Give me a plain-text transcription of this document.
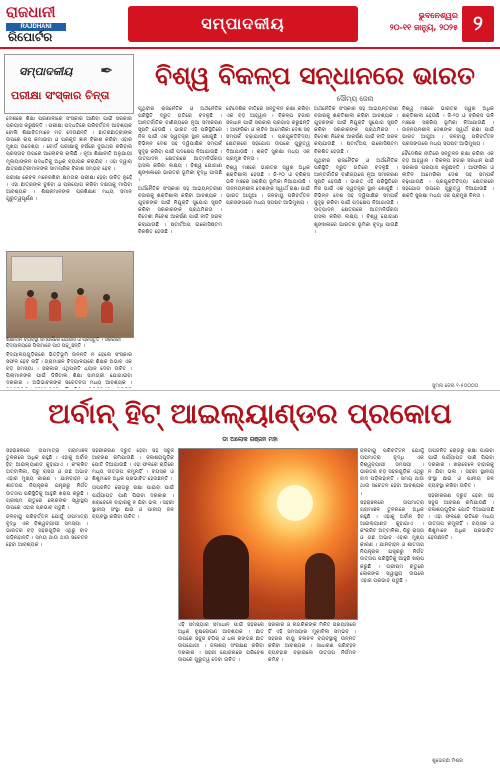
ରାଜଧାନୀ
RAJDHANI
ରିପୋର୍ଟର
ସମ୍ପାଦକୀୟ	ଭୁବନେଶ୍ୱର
୨୦-୧୧ ଜାନ୍ୟୁ, ୨୦୨୫ ୨
ସମ୍ପାଦକୀୟ ✒
ପରୀକ୍ଷା ସଂସ୍କାର ଚିନ୍ତା
ବିଶ୍ୱ ବିକଳ୍ପ ସନ୍ଧାନରେ ଭାରତ
ସୌମ୍ୟ ଜେନା

ଦେଶରେ ଶିକ୍ଷା ପ୍ରଣାଳୀରେ ସଂସ୍କାର ଆଣିବା ପାଇଁ ସରକାର ପ୍ରୟାସ କରୁଛନ୍ତି । ପରୀକ୍ଷା ପଦ୍ଧତିରେ ପରିବର୍ତ୍ତନ ଆବଶ୍ୟକ ବୋଲି ଶିକ୍ଷାବିତମାନେ ମତ ଦେଉଛନ୍ତି । ଛାତ୍ରଛାତ୍ରୀଙ୍କ ଉପରେ ଚାପ କମାଇବା ଓ ପ୍ରକୃତ ଜ୍ଞାନ ବିକାଶ କରିବା ଏହାର ମୁଖ୍ୟ ଉଦ୍ଦେଶ୍ୟ । ବୋର୍ଡ ପରୀକ୍ଷାକୁ ବର୍ଷରେ ଦୁଇଥର କରିବାର ପ୍ରସ୍ତାବ ଉପରେ ଆଲୋଚନା ଚାଲିଛି । ନୂଆ ଶିକ୍ଷାନୀତି ଅନୁଯାୟୀ ମୂଲ୍ୟାଙ୍କନ ପଦ୍ଧତିକୁ ଅଧିକ ବ୍ୟାପକ କରାଯିବ । ଏହା ଦ୍ୱାରା ଛାତ୍ରଛାତ୍ରୀମାନଙ୍କ ସାମଗ୍ରିକ ବିକାଶ ସମ୍ଭବ ହେବ ।

ପରୀକ୍ଷା କେବଳ ମନେରଖିବା କ୍ଷମତାର ପରୀକ୍ଷା ହେବା ଉଚିତ ନୁହେଁ । ଏହା ଛାତ୍ରଙ୍କ ବୁଝିବା ଓ ପ୍ରୟୋଗ କରିବା ଦକ୍ଷତାକୁ ମାପିବା ଆବଶ୍ୟକ । ଶିକ୍ଷକମାନଙ୍କ ପ୍ରଶିକ୍ଷଣ ମଧ୍ୟ ସମାନ ଗୁରୁତ୍ୱପୂର୍ଣ୍ଣ ।

ଶିକ୍ଷାଦାନ ବ୍ୟବସ୍ଥା ସମ୍ପର୍କରେ ଯୋଜନା ଓ ପ୍ରସ୍ତୁତି । ସରକାରୀ ବିଦ୍ୟାଳୟରେ ପିଲାମାନେ ପାଠ ପଢ଼ୁଛନ୍ତି ।

ବିଦ୍ୟାଳୟଗୁଡ଼ିକରେ ଭିତ୍ତିଭୂମି ଉନ୍ନତି ନ ହେଲେ ସଂସ୍କାର ସଫଳ ହେବ ନାହିଁ । ଗ୍ରାମାଞ୍ଚଳ ବିଦ୍ୟାଳୟରେ ଶିକ୍ଷକ ଅଭାବ ଏକ ବଡ଼ ସମସ୍ୟା । ସରକାର ଏଥିପ୍ରତି ଧ୍ୟାନ ଦେବା ଉଚିତ । ପିଲାମାନଙ୍କ ପାଇଁ ଡିଜିଟାଲ ଶିକ୍ଷା ସାମଗ୍ରୀ ଯୋଗାଇବା ଦରକାର । ଅଭିଭାବକଙ୍କ ସଚେତନତା ମଧ୍ୟ ଆବଶ୍ୟକ ।

ପୃଥିବୀର ରାଜନୈତିକ ଓ ଅର୍ଥନୈତିକ ପରିସ୍ଥିତି ଦ୍ରୁତ ଗତିରେ ବଦଳୁଛି । ଆନ୍ତର୍ଜାତିକ ବାଣିଜ୍ୟରେ ନୂଆ ସମୀକରଣ ସୃଷ୍ଟି ହେଉଛି । ଭାରତ ଏହି ପରିସ୍ଥିତିରେ ନିଜ ପାଇଁ ଏକ ସ୍ୱତନ୍ତ୍ର ସ୍ଥାନ ଖୋଜୁଛି । ବିଭିନ୍ନ ଦେଶ ସହ ଦ୍ୱିପାକ୍ଷିକ ସମ୍ପର୍କ ସୁଦୃଢ଼ କରିବା ପାଇଁ ପଦକ୍ଷେପ ନିଆଯାଉଛି । ଉତ୍ପାଦନ କ୍ଷେତ୍ରରେ ଆତ୍ମନିର୍ଭରତା ହାସଲ କରିବା ଲକ୍ଷ୍ୟ । ବିଶ୍ୱ ଯୋଗାଣ ଶୃଙ୍ଖଳାରେ ଭାରତର ଭୂମିକା ବୃଦ୍ଧି ପାଉଛି ।

ଅର୍ଥନୈତିକ ସଂସ୍କାର ସହ ଆଭ୍ୟନ୍ତରୀଣ ବଜାରକୁ ଶକ୍ତିଶାଳୀ କରିବା ଆବଶ୍ୟକ । ଯୁବକଙ୍କ ପାଇଁ ନିଯୁକ୍ତି ସୁଯୋଗ ସୃଷ୍ଟି କରିବା ସରକାରଙ୍କ ପ୍ରାଥମିକତା । ବିଦେଶୀ ନିବେଶ ଆକର୍ଷଣ ପାଇଁ ନୀତି ସରଳ କରାଯାଉଛି । ଷ୍ଟାର୍ଟଅପ୍ ଇକୋସିଷ୍ଟମ ବିକଶିତ ହେଉଛି ।

ବୈଦେଶିକ ନୀତିରେ ସନ୍ତୁଳନ ରକ୍ଷା କରିବା ଏକ ବଡ଼ ଆହ୍ୱାନ । ବିକଳ୍ପ ବଜାର ସନ୍ଧାନ ପାଇଁ ସରକାର ପ୍ରୟାସ କରୁଛନ୍ତି । ଆଫ୍ରିକା ଓ ଲାଟିନ ଆମେରିକା ଦେଶ ସହ ସମ୍ପର୍କ ବଢ଼ାଯାଉଛି । ପ୍ରଯୁକ୍ତିବିଦ୍ୟା କ୍ଷେତ୍ରରେ ସହଯୋଗ ଉପରେ ଗୁରୁତ୍ୱ ଦିଆଯାଉଛି । ଶକ୍ତି ସୁରକ୍ଷା ମଧ୍ୟ ଏକ ପ୍ରମୁଖ ଚିନ୍ତା ।

ବିଶ୍ୱ ମଞ୍ଚରେ ଭାରତର ସ୍ୱର ଅଧିକ ଶକ୍ତିଶାଳୀ ହେଉଛି । ଜି-୨୦ ଓ ବ୍ରିକ୍ସ ଭଳି ମଞ୍ଚରେ ସକ୍ରିୟ ଭୂମିକା ନିଆଯାଉଛି । ଉନ୍ନୟନଶୀଳ ଦେଶଙ୍କ ସ୍ୱାର୍ଥ ରକ୍ଷା ପାଇଁ ଭାରତ ଆଗୁଆ । ଜଳବାୟୁ ପରିବର୍ତ୍ତନ ପ୍ରସଙ୍ଗରେ ମଧ୍ୟ ସ୍ପଷ୍ଟ ଆଭିମୁଖ୍ୟ ।

ଅର୍ଥନୈତିକ ସଂସ୍କାର ସହ ଆଭ୍ୟନ୍ତରୀଣ ବଜାରକୁ ଶକ୍ତିଶାଳୀ କରିବା ଆବଶ୍ୟକ । ଯୁବକଙ୍କ ପାଇଁ ନିଯୁକ୍ତି ସୁଯୋଗ ସୃଷ୍ଟି କରିବା ସରକାରଙ୍କ ପ୍ରାଥମିକତା । ବିଦେଶୀ ନିବେଶ ଆକର୍ଷଣ ପାଇଁ ନୀତି ସରଳ କରାଯାଉଛି । ଷ୍ଟାର୍ଟଅପ୍ ଇକୋସିଷ୍ଟମ ବିକଶିତ ହେଉଛି ।

ପୃଥିବୀର ରାଜନୈତିକ ଓ ଅର୍ଥନୈତିକ ପରିସ୍ଥିତି ଦ୍ରୁତ ଗତିରେ ବଦଳୁଛି । ଆନ୍ତର୍ଜାତିକ ବାଣିଜ୍ୟରେ ନୂଆ ସମୀକରଣ ସୃଷ୍ଟି ହେଉଛି । ଭାରତ ଏହି ପରିସ୍ଥିତିରେ ନିଜ ପାଇଁ ଏକ ସ୍ୱତନ୍ତ୍ର ସ୍ଥାନ ଖୋଜୁଛି । ବିଭିନ୍ନ ଦେଶ ସହ ଦ୍ୱିପାକ୍ଷିକ ସମ୍ପର୍କ ସୁଦୃଢ଼ କରିବା ପାଇଁ ପଦକ୍ଷେପ ନିଆଯାଉଛି । ଉତ୍ପାଦନ କ୍ଷେତ୍ରରେ ଆତ୍ମନିର୍ଭରତା ହାସଲ କରିବା ଲକ୍ଷ୍ୟ । ବିଶ୍ୱ ଯୋଗାଣ ଶୃଙ୍ଖଳାରେ ଭାରତର ଭୂମିକା ବୃଦ୍ଧି ପାଉଛି ।

ବିଶ୍ୱ ମଞ୍ଚରେ ଭାରତର ସ୍ୱର ଅଧିକ ଶକ୍ତିଶାଳୀ ହେଉଛି । ଜି-୨୦ ଓ ବ୍ରିକ୍ସ ଭଳି ମଞ୍ଚରେ ସକ୍ରିୟ ଭୂମିକା ନିଆଯାଉଛି । ଉନ୍ନୟନଶୀଳ ଦେଶଙ୍କ ସ୍ୱାର୍ଥ ରକ୍ଷା ପାଇଁ ଭାରତ ଆଗୁଆ । ଜଳବାୟୁ ପରିବର୍ତ୍ତନ ପ୍ରସଙ୍ଗରେ ମଧ୍ୟ ସ୍ପଷ୍ଟ ଆଭିମୁଖ୍ୟ ।

ବୈଦେଶିକ ନୀତିରେ ସନ୍ତୁଳନ ରକ୍ଷା କରିବା ଏକ ବଡ଼ ଆହ୍ୱାନ । ବିକଳ୍ପ ବଜାର ସନ୍ଧାନ ପାଇଁ ସରକାର ପ୍ରୟାସ କରୁଛନ୍ତି । ଆଫ୍ରିକା ଓ ଲାଟିନ ଆମେରିକା ଦେଶ ସହ ସମ୍ପର୍କ ବଢ଼ାଯାଉଛି । ପ୍ରଯୁକ୍ତିବିଦ୍ୟା କ୍ଷେତ୍ରରେ ସହଯୋଗ ଉପରେ ଗୁରୁତ୍ୱ ଦିଆଯାଉଛି । ଶକ୍ତି ସୁରକ୍ଷା ମଧ୍ୟ ଏକ ପ୍ରମୁଖ ଚିନ୍ତା ।

ସୁମନା ଜେନା ୧-୫୦୦୦୦
ଅର୍ବାନ୍ ହିଟ୍ ଆଇଲ୍ୟାଣ୍ଡର ପ୍ରକୋପ
ଡା ଅଲୋକ ରଞ୍ଜନ ମହା

ସହରାଞ୍ଚଳରେ ତାପମାତ୍ରା ଗ୍ରାମାଞ୍ଚଳ ତୁଳନାରେ ଅଧିକ ରହୁଛି । ଏହାକୁ ଅର୍ବାନ୍ ହିଟ୍ ଆଇଲ୍ୟାଣ୍ଡ କୁହାଯାଏ । କଂକ୍ରିଟ ଅଟ୍ଟାଳିକା, ପିଚୁ ରାସ୍ତା ଓ ଗଛ ଅଭାବ ଏହାର ମୁଖ୍ୟ କାରଣ । ଯାନବାହନ ଓ ଶୀତତାପ ନିୟନ୍ତ୍ରକ ଯନ୍ତ୍ରରୁ ନିର୍ଗତ ଉତ୍ତାପ ପରିସ୍ଥିତିକୁ ଆହୁରି ଖରାପ କରୁଛି । ଗ୍ରୀଷ୍ମ ଋତୁରେ ଲୋକଙ୍କ ସ୍ୱାସ୍ଥ୍ୟ ଉପରେ ଏହାର ପ୍ରଭାବ ପଡୁଛି ।

ଜଳବାୟୁ ପରିବର୍ତ୍ତନ ଯୋଗୁଁ ତାପମାତ୍ରା ବୃଦ୍ଧି ଏକ ବିଶ୍ୱବ୍ୟାପୀ ସମସ୍ୟା । ଭାରତର ବଡ଼ ସହରଗୁଡ଼ିକ ଏଥିରୁ ବାଦ ପଡ଼ିନାହାନ୍ତି । ସମୟ ଥାଉ ଥାଉ ସଚେତନ ହେବା ଆବଶ୍ୟକ ।

ସହରୀକରଣ ଦ୍ରୁତ ହେବା ସହ ସବୁଜ ଆବରଣ କମିଯାଉଛି । ଜଳାଶୟଗୁଡ଼ିକ ପୋତି ଦିଆଯାଉଛି । ଏହା ଫଳରେ ରାତିରେ ମଧ୍ୟ ଉତ୍ତାପ କମୁନାହିଁ । ବୟସ୍କ ଓ ଶିଶୁମାନେ ଅଧିକ ପ୍ରଭାବିତ ହେଉଛନ୍ତି ।

ତାପଜନିତ ରୋଗରୁ ରକ୍ଷା ପାଇବା ପାଇଁ ପର୍ଯ୍ୟାପ୍ତ ପାଣି ପିଇବା ଦରକାର । ଖରାବେଳେ ବାହାରକୁ ନ ଯିବା ଭଲ । ସହରୀ ସ୍ଥାନୀୟ ସଂସ୍ଥା ଛାଇ ଓ ପାନୀୟ ଜଳ ବ୍ୟବସ୍ଥା କରିବା ଉଚିତ ।

ଏହି ସମସ୍ୟାର ସମାଧାନ ପାଇଁ ସହରରେ ଅଧିକ ବୃକ୍ଷରୋପଣ ଆବଶ୍ୟକ । ଛାତ ଉପରେ ସବୁଜ ବଗିଚା ଓ ଧଳା ରଙ୍ଗର ଛାତ ଉପଯୋଗୀ । ଜଳାଶୟ ସଂରକ୍ଷଣ କରିବା ଦରକାର । ସହରୀ ଯୋଜନାରେ ପରିବେଶ ଉପରେ ଗୁରୁତ୍ୱ ଦେବା ଉଚିତ ।

ସରକାର ଓ ନାଗରିକଙ୍କ ମିଳିତ ପ୍ରୟାସରେ ହିଁ ଏହି ସମସ୍ୟାର ମୁକାବିଲା ସମ୍ଭବ । ସହରର ବାୟୁ ଚଳାଚଳ ବ୍ୟବସ୍ଥାକୁ ଉନ୍ନତ କରିବା ଆବଶ୍ୟକ । ସାଧାରଣ ପରିବହନ ବ୍ୟବହାର ବଢ଼ାଇଲେ ଉତ୍ତାପ ନିର୍ଗମନ କମିବ ।

ଜଳବାୟୁ ପରିବର୍ତ୍ତନ ଯୋଗୁଁ ତାପମାତ୍ରା ବୃଦ୍ଧି ଏକ ବିଶ୍ୱବ୍ୟାପୀ ସମସ୍ୟା । ଭାରତର ବଡ଼ ସହରଗୁଡ଼ିକ ଏଥିରୁ ବାଦ ପଡ଼ିନାହାନ୍ତି । ସମୟ ଥାଉ ଥାଉ ସଚେତନ ହେବା ଆବଶ୍ୟକ ।

ସହରାଞ୍ଚଳରେ ତାପମାତ୍ରା ଗ୍ରାମାଞ୍ଚଳ ତୁଳନାରେ ଅଧିକ ରହୁଛି । ଏହାକୁ ଅର୍ବାନ୍ ହିଟ୍ ଆଇଲ୍ୟାଣ୍ଡ କୁହାଯାଏ । କଂକ୍ରିଟ ଅଟ୍ଟାଳିକା, ପିଚୁ ରାସ୍ତା ଓ ଗଛ ଅଭାବ ଏହାର ମୁଖ୍ୟ କାରଣ । ଯାନବାହନ ଓ ଶୀତତାପ ନିୟନ୍ତ୍ରକ ଯନ୍ତ୍ରରୁ ନିର୍ଗତ ଉତ୍ତାପ ପରିସ୍ଥିତିକୁ ଆହୁରି ଖରାପ କରୁଛି । ଗ୍ରୀଷ୍ମ ଋତୁରେ ଲୋକଙ୍କ ସ୍ୱାସ୍ଥ୍ୟ ଉପରେ ଏହାର ପ୍ରଭାବ ପଡୁଛି ।

ତାପଜନିତ ରୋଗରୁ ରକ୍ଷା ପାଇବା ପାଇଁ ପର୍ଯ୍ୟାପ୍ତ ପାଣି ପିଇବା ଦରକାର । ଖରାବେଳେ ବାହାରକୁ ନ ଯିବା ଭଲ । ସହରୀ ସ୍ଥାନୀୟ ସଂସ୍ଥା ଛାଇ ଓ ପାନୀୟ ଜଳ ବ୍ୟବସ୍ଥା କରିବା ଉଚିତ ।

ସହରୀକରଣ ଦ୍ରୁତ ହେବା ସହ ସବୁଜ ଆବରଣ କମିଯାଉଛି । ଜଳାଶୟଗୁଡ଼ିକ ପୋତି ଦିଆଯାଉଛି । ଏହା ଫଳରେ ରାତିରେ ମଧ୍ୟ ଉତ୍ତାପ କମୁନାହିଁ । ବୟସ୍କ ଓ ଶିଶୁମାନେ ଅଧିକ ପ୍ରଭାବିତ ହେଉଛନ୍ତି ।

ଶୁଭେଚ୍ଛା ମିଶ୍ର
